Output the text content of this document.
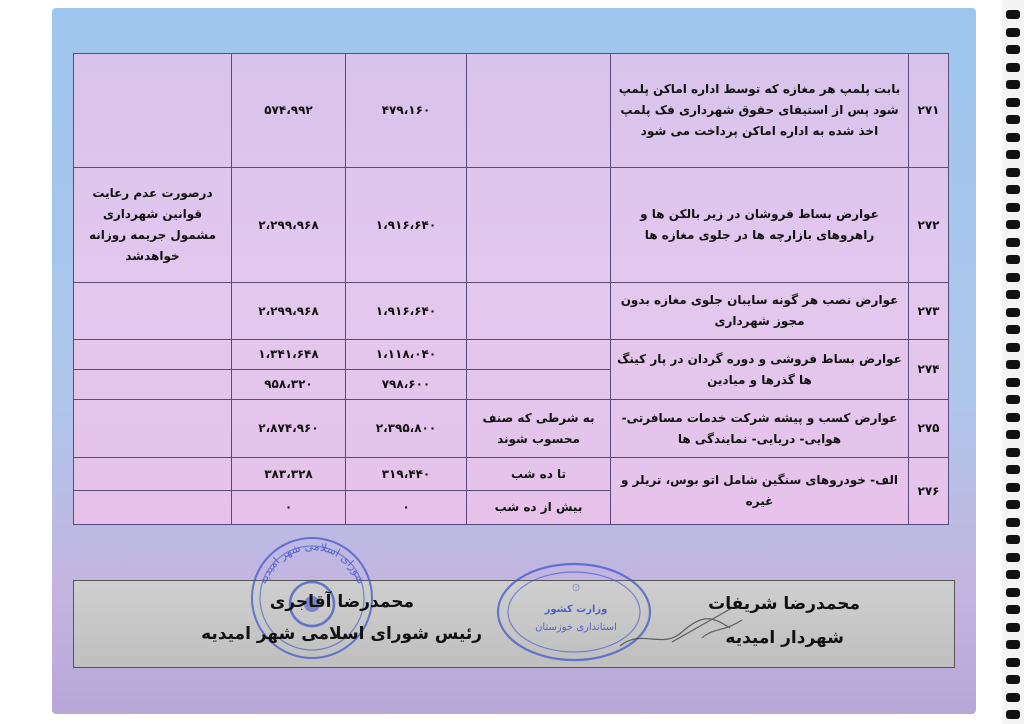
۲۷۱	بابت پلمپ هر مغازه که توسط اداره اماکن پلمپ شود پس از استیفای حقوق شهرداری فک پلمپ اخذ شده به اداره اماکن پرداخت می شود		۴۷۹،۱۶۰	۵۷۴،۹۹۲	
۲۷۲	عوارض بساط فروشان در زیر بالکن ها و راهروهای بازارچه ها در جلوی مغازه ها		۱،۹۱۶،۶۴۰	۲،۲۹۹،۹۶۸	درصورت عدم رعایت قوانین شهرداری مشمول جریمه روزانه خواهدشد
۲۷۳	عوارض نصب هر گونه سایبان جلوی مغازه بدون مجوز شهرداری		۱،۹۱۶،۶۴۰	۲،۲۹۹،۹۶۸	
۲۷۴	عوارض بساط فروشی و دوره گردان در پار کینگ ها گذرها و میادین		۱،۱۱۸،۰۴۰	۱،۳۴۱،۶۴۸	
			۷۹۸،۶۰۰	۹۵۸،۳۲۰	
۲۷۵	عوارض کسب و پیشه شرکت خدمات مسافرتی- هوایی- دریایی- نمایندگی ها	به شرطی که صنف محسوب شوند	۲،۳۹۵،۸۰۰	۲،۸۷۴،۹۶۰	
۲۷۶	الف- خودروهای سنگین شامل اتو بوس، تریلر و غیره	تا ده شب	۳۱۹،۴۴۰	۳۸۳،۳۲۸	
		بیش از ده شب	۰	۰	
شورای اسلامی شهر امیدیه
وزارت کشور
استانداری خوزستان
۞
محمدرضا آقاجری
رئیس شورای اسلامی شهر امیدیه
محمدرضا شریفات
شهردار امیدیه
